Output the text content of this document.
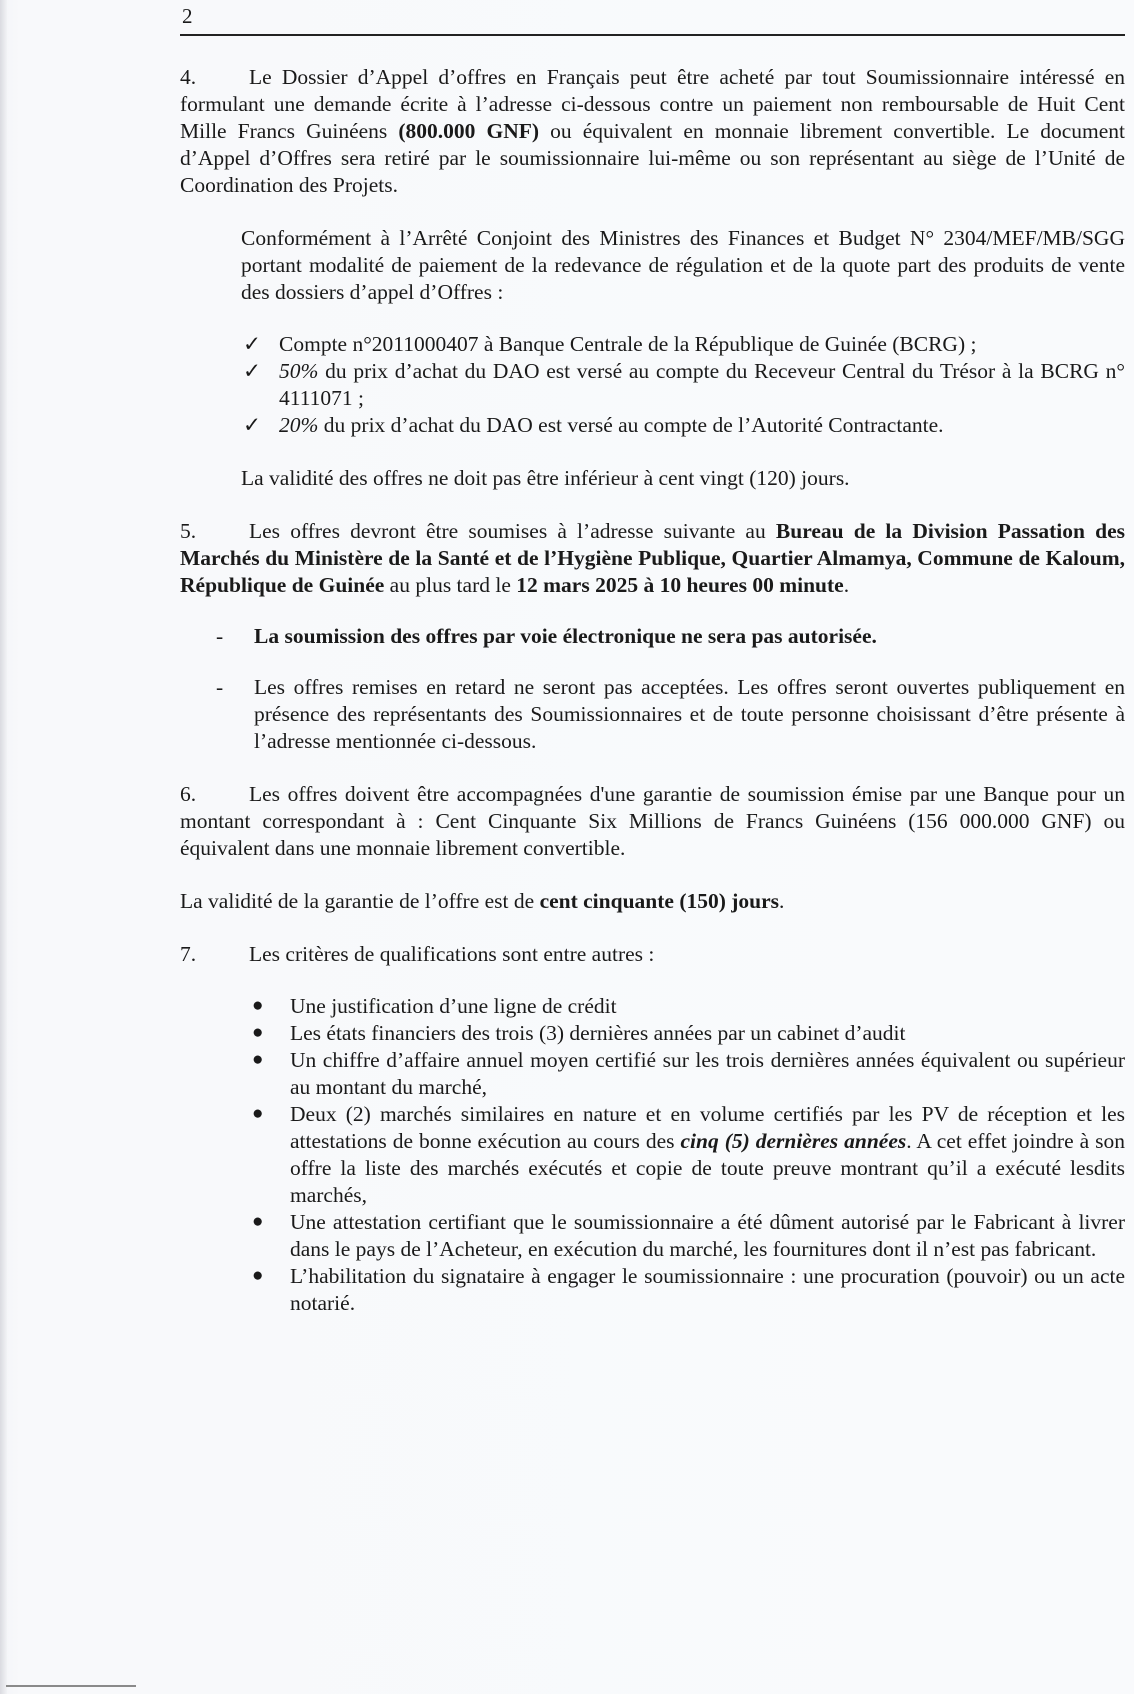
2

4. Le Dossier d’Appel d’offres en Français peut être acheté par tout Soumissionnaire intéressé en formulant une demande écrite à l’adresse ci-dessous contre un paiement non remboursable de Huit Cent Mille Francs Guinéens (800.000 GNF) ou équivalent en monnaie librement convertible. Le document d’Appel d’Offres sera retiré par le soumissionnaire lui-même ou son représentant au siège de l’Unité de Coordination des Projets.

Conformément à l’Arrêté Conjoint des Ministres des Finances et Budget N° 2304/MEF/MB/SGG portant modalité de paiement de la redevance de régulation et de la quote part des produits de vente des dossiers d’appel d’Offres :

✓ Compte n°2011000407 à Banque Centrale de la République de Guinée (BCRG) ;
✓ 50% du prix d’achat du DAO est versé au compte du Receveur Central du Trésor à la BCRG n° 4111071 ;
✓ 20% du prix d’achat du DAO est versé au compte de l’Autorité Contractante.

La validité des offres ne doit pas être inférieur à cent vingt (120) jours.

5. Les offres devront être soumises à l’adresse suivante au Bureau de la Division Passation des Marchés du Ministère de la Santé et de l’Hygiène Publique, Quartier Almamya, Commune de Kaloum, République de Guinée au plus tard le 12 mars 2025 à 10 heures 00 minute.

- La soumission des offres par voie électronique ne sera pas autorisée.
- Les offres remises en retard ne seront pas acceptées. Les offres seront ouvertes publiquement en présence des représentants des Soumissionnaires et de toute personne choisissant d’être présente à l’adresse mentionnée ci-dessous.

6. Les offres doivent être accompagnées d'une garantie de soumission émise par une Banque pour un montant correspondant à : Cent Cinquante Six Millions de Francs Guinéens (156 000.000 GNF) ou équivalent dans une monnaie librement convertible.

La validité de la garantie de l’offre est de cent cinquante (150) jours.

7. Les critères de qualifications sont entre autres :

● Une justification d’une ligne de crédit
● Les états financiers des trois (3) dernières années par un cabinet d’audit
● Un chiffre d’affaire annuel moyen certifié sur les trois dernières années équivalent ou supérieur au montant du marché,
● Deux (2) marchés similaires en nature et en volume certifiés par les PV de réception et les attestations de bonne exécution au cours des cinq (5) dernières années. A cet effet joindre à son offre la liste des marchés exécutés et copie de toute preuve montrant qu’il a exécuté lesdits marchés,
● Une attestation certifiant que le soumissionnaire a été dûment autorisé par le Fabricant à livrer dans le pays de l’Acheteur, en exécution du marché, les fournitures dont il n’est pas fabricant.
● L’habilitation du signataire à engager le soumissionnaire : une procuration (pouvoir) ou un acte notarié.
